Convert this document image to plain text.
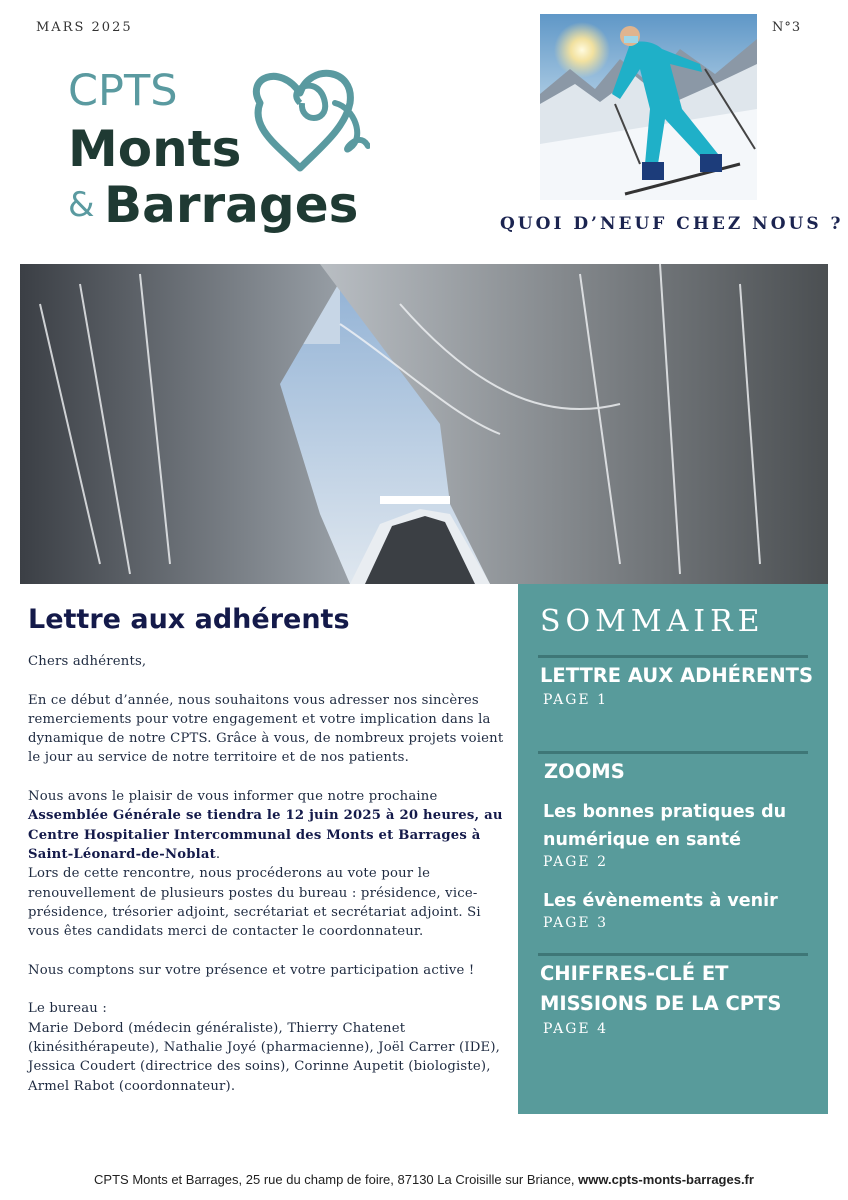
MARS 2025	N°3
CPTS
Monts
& Barrages	QUOI D’NEUF CHEZ NOUS ?
Lettre aux adhérents

Chers adhérents,

En ce début d’année, nous souhaitons vous adresser nos sincères remerciements pour votre engagement et votre implication dans la dynamique de notre CPTS. Grâce à vous, de nombreux projets voient le jour au service de notre territoire et de nos patients.

Nous avons le plaisir de vous informer que notre prochaine Assemblée Générale se tiendra le 12 juin 2025 à 20 heures, au Centre Hospitalier Intercommunal des Monts et Barrages à Saint-Léonard-de-Noblat.

Lors de cette rencontre, nous procéderons au vote pour le renouvellement de plusieurs postes du bureau : présidence, vice-présidence, trésorier adjoint, secrétariat et secrétariat adjoint. Si vous êtes candidats merci de contacter le coordonnateur.

Nous comptons sur votre présence et votre participation active !

Le bureau :

Marie Debord (médecin généraliste), Thierry Chatenet (kinésithérapeute), Nathalie Joyé (pharmacienne), Joël Carrer (IDE), Jessica Coudert (directrice des soins), Corinne Aupetit (biologiste), Armel Rabot (coordonnateur).

SOMMAIRE
LETTRE AUX ADHÉRENTS
PAGE 1
ZOOMS
Les bonnes pratiques du numérique en santé
PAGE 2
Les évènements à venir
PAGE 3
CHIFFRES-CLÉ ET MISSIONS DE LA CPTS
PAGE 4
CPTS Monts et Barrages, 25 rue du champ de foire, 87130 La Croisille sur Briance, www.cpts-monts-barrages.fr
